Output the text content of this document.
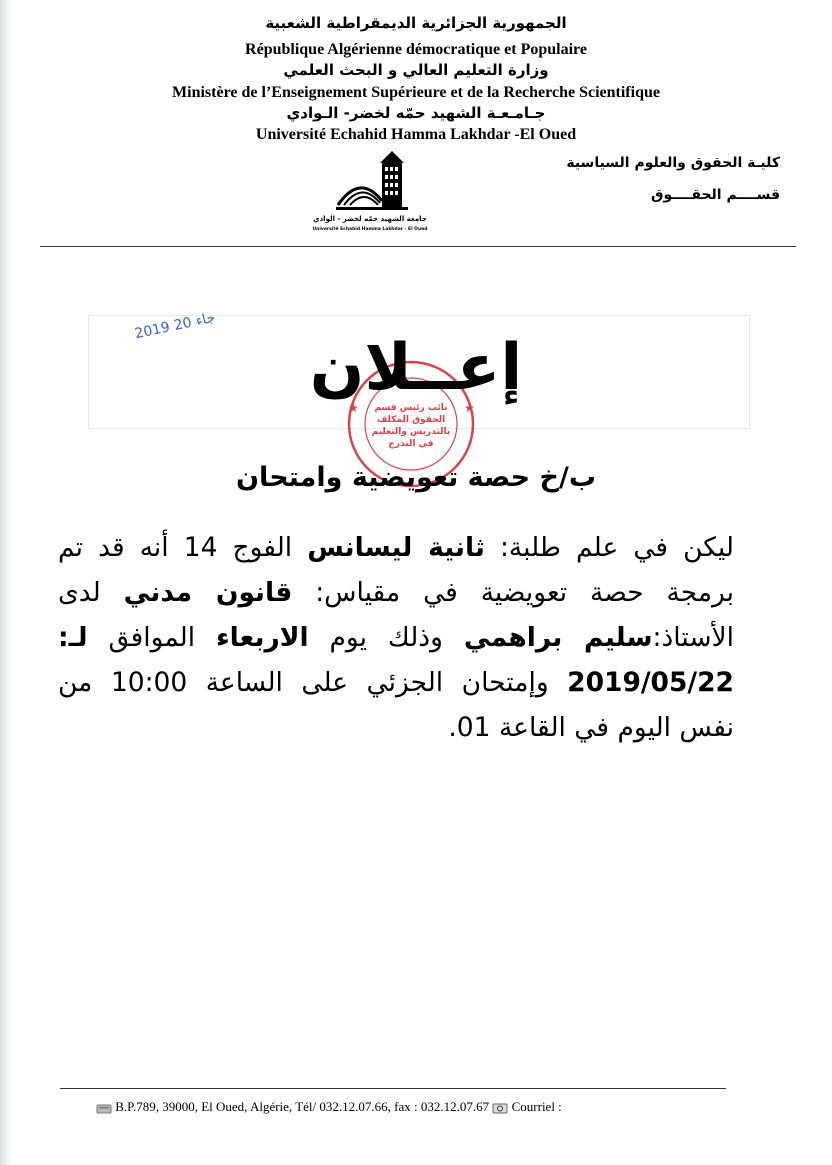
الجمهورية الجزائرية الديمقراطية الشعبية
République Algérienne démocratique et Populaire
وزارة التعليم العالي و البحث العلمي
Ministère de l’Enseignement Supérieure et de la Recherche Scientifique
جـامـعـة الشهيد حمّه لخضر- الـوادي
Université Echahid Hamma Lakhdar -El Oued
كليـة الحقوق والعلوم السياسية
قســــم الحقــــوق
جامعة الشهيد حمّه لخضر - الوادي
Université Echahid Hamma Lakhdar - El Oued
2019 جاء 20
نائب رئيس قسم
الحقوق المكلف
بالتدريس والتعليم
في التدرج
★	★
إعــلان
ب/خ حصة تعويضية وامتحان
ليكن في علم طلبة: ثانية ليسانس الفوج 14 أنه قد تم برمجة حصة تعويضية في مقياس: قانون مدني لدى الأستاذ:سليم براهمي وذلك يوم الاربعاء الموافق لـ: 2019/05/22 وإمتحان الجزئي على الساعة 10:00 من نفس اليوم في القاعة 01.
B.P.789, 39000, El Oued, Algérie, Tél/ 032.12.07.66, fax : 032.12.07.67 Courriel :
